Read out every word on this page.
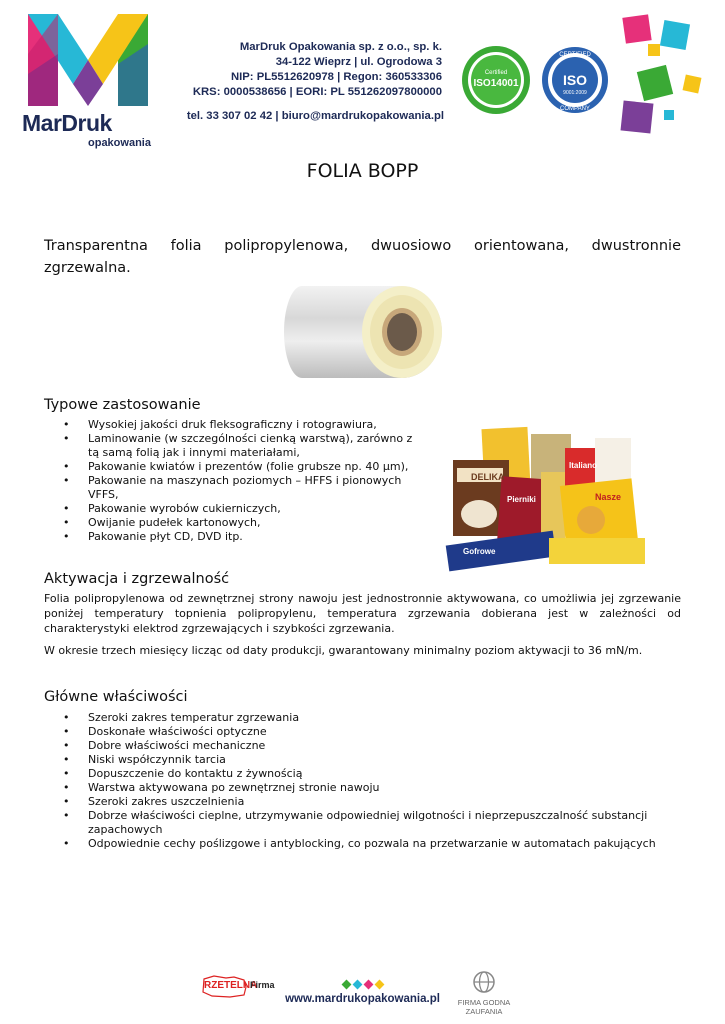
MarDruk
opakowania
MarDruk Opakowania sp. z o.o., sp. k.
34-122 Wieprz | ul. Ogrodowa 3
NIP: PL5512620978 | Regon: 360533306
KRS: 0000538656 | EORI: PL 551262097800000
tel. 33 307 02 42 | biuro@mardrukopakowania.pl
Certified
ISO14001
CERTIFIED
ISO
9001:2009
COMPANY
FOLIA BOPP
Transparentna folia polipropylenowa, dwuosiowo orientowana, dwustronnie
zgrzewalna.
Typowe zastosowanie
• Wysokiej jakości druk fleksograficzny i rotograwiura,
• Laminowanie (w szczególności cienką warstwą), zarówno z tą samą folią jak i innymi materiałami,
• Pakowanie kwiatów i prezentów (folie grubsze np. 40 µm),
• Pakowanie na maszynach poziomych – HFFS i pionowych VFFS,
• Pakowanie wyrobów cukierniczych,
• Owijanie pudełek kartonowych,
• Pakowanie płyt CD, DVD itp.
DELIKA
Pierniki
Italiano
Nasze
Gofrowe
Aktywacja i zgrzewalność
Folia polipropylenowa od zewnętrznej strony nawoju jest jednostronnie aktywowana, co umożliwia jej zgrzewanie poniżej temperatury topnienia polipropylenu, temperatura zgrzewania dobierana jest w zależności od charakterystyki elektrod zgrzewających i szybkości zgrzewania.
W okresie trzech miesięcy licząc od daty produkcji, gwarantowany minimalny poziom aktywacji to 36 mN/m.
Główne właściwości
• Szeroki zakres temperatur zgrzewania
• Doskonałe właściwości optyczne
• Dobre właściwości mechaniczne
• Niski współczynnik tarcia
• Dopuszczenie do kontaktu z żywnością
• Warstwa aktywowana po zewnętrznej stronie nawoju
• Szeroki zakres uszczelnienia
• Dobrze właściwości cieplne, utrzymywanie odpowiedniej wilgotności i nieprzepuszczalność substancji zapachowych
• Odpowiednie cechy poślizgowe i antyblocking, co pozwala na przetwarzanie w automatach pakujących
RZETELNA
Firma
www.mardrukopakowania.pl	FIRMA GODNA
ZAUFANIA
